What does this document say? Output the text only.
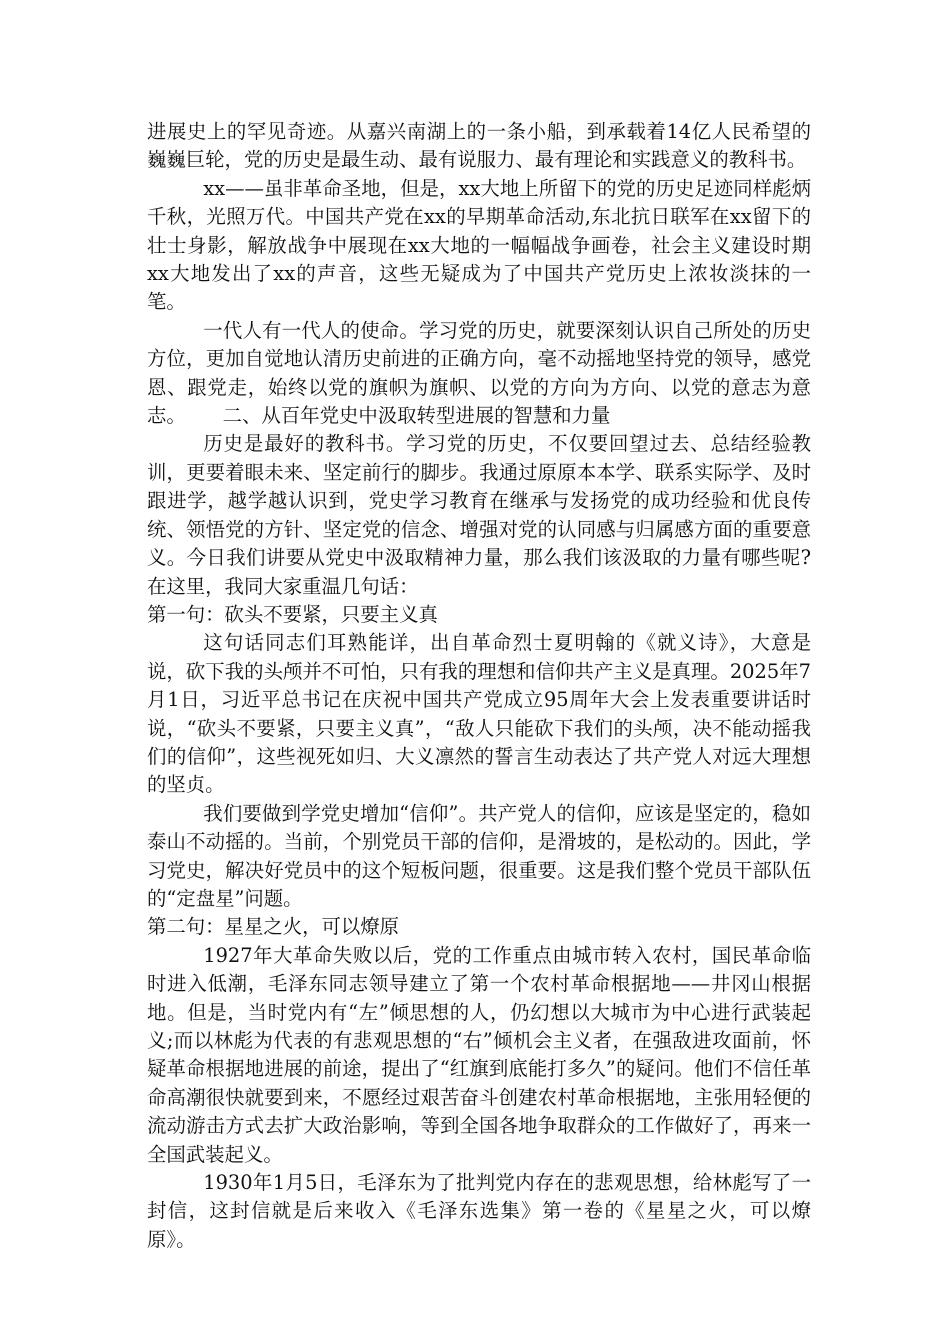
进展史上的罕见奇迹。从嘉兴南湖上的一条小船，到承载着14亿人民希望的巍巍巨轮，党的历史是最生动、最有说服力、最有理论和实践意义的教科书。

xx——虽非革命圣地，但是，xx大地上所留下的党的历史足迹同样彪炳千秋，光照万代。中国共产党在xx的早期革命活动,东北抗日联军在xx留下的壮士身影，解放战争中展现在xx大地的一幅幅战争画卷，社会主义建设时期xx大地发出了xx的声音，这些无疑成为了中国共产党历史上浓妆淡抹的一笔。

一代人有一代人的使命。学习党的历史，就要深刻认识自己所处的历史方位，更加自觉地认清历史前进的正确方向，毫不动摇地坚持党的领导，感党恩、跟党走，始终以党的旗帜为旗帜、以党的方向为方向、以党的意志为意志。 二、从百年党史中汲取转型进展的智慧和力量

历史是最好的教科书。学习党的历史，不仅要回望过去、总结经验教训，更要着眼未来、坚定前行的脚步。我通过原原本本学、联系实际学、及时跟进学，越学越认识到，党史学习教育在继承与发扬党的成功经验和优良传统、领悟党的方针、坚定党的信念、增强对党的认同感与归属感方面的重要意义。今日我们讲要从党史中汲取精神力量，那么我们该汲取的力量有哪些呢?在这里，我同大家重温几句话：

第一句：砍头不要紧，只要主义真

这句话同志们耳熟能详，出自革命烈士夏明翰的《就义诗》，大意是说，砍下我的头颅并不可怕，只有我的理想和信仰共产主义是真理。2025年7月1日，习近平总书记在庆祝中国共产党成立95周年大会上发表重要讲话时说，“砍头不要紧，只要主义真”，“敌人只能砍下我们的头颅，决不能动摇我们的信仰”，这些视死如归、大义凛然的誓言生动表达了共产党人对远大理想的坚贞。

我们要做到学党史增加“信仰”。共产党人的信仰，应该是坚定的，稳如泰山不动摇的。当前，个别党员干部的信仰，是滑坡的，是松动的。因此，学习党史，解决好党员中的这个短板问题，很重要。这是我们整个党员干部队伍的“定盘星”问题。

第二句：星星之火，可以燎原

1927年大革命失败以后，党的工作重点由城市转入农村，国民革命临时进入低潮，毛泽东同志领导建立了第一个农村革命根据地——井冈山根据地。但是，当时党内有“左”倾思想的人，仍幻想以大城市为中心进行武装起义;而以林彪为代表的有悲观思想的“右”倾机会主义者，在强敌进攻面前，怀疑革命根据地进展的前途，提出了“红旗到底能打多久”的疑问。他们不信任革命高潮很快就要到来，不愿经过艰苦奋斗创建农村革命根据地，主张用轻便的流动游击方式去扩大政治影响，等到全国各地争取群众的工作做好了，再来一全国武装起义。

1930年1月5日，毛泽东为了批判党内存在的悲观思想，给林彪写了一封信，这封信就是后来收入《毛泽东选集》第一卷的《星星之火，可以燎原》。
